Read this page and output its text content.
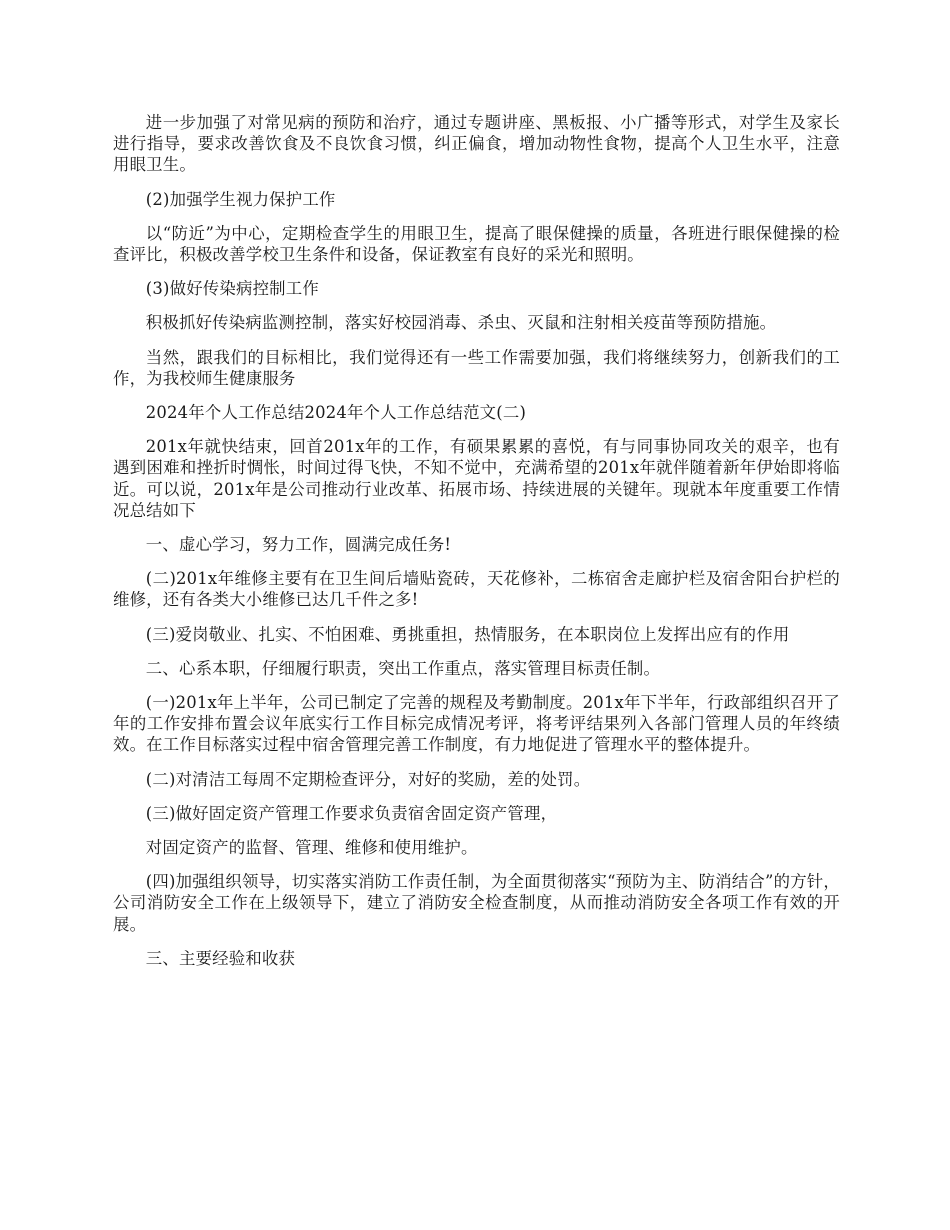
进一步加强了对常见病的预防和治疗，通过专题讲座、黑板报、小广播等形式，对学生及家长进行指导，要求改善饮食及不良饮食习惯，纠正偏食，增加动物性食物，提高个人卫生水平，注意用眼卫生。

(2)加强学生视力保护工作

以“防近”为中心，定期检查学生的用眼卫生，提高了眼保健操的质量，各班进行眼保健操的检查评比，积极改善学校卫生条件和设备，保证教室有良好的采光和照明。

(3)做好传染病控制工作

积极抓好传染病监测控制，落实好校园消毒、杀虫、灭鼠和注射相关疫苗等预防措施。

当然，跟我们的目标相比，我们觉得还有一些工作需要加强，我们将继续努力，创新我们的工作，为我校师生健康服务

2024年个人工作总结2024年个人工作总结范文(二)

201x年就快结束，回首201x年的工作，有硕果累累的喜悦，有与同事协同攻关的艰辛，也有遇到困难和挫折时惆怅，时间过得飞快，不知不觉中，充满希望的201x年就伴随着新年伊始即将临近。可以说，201x年是公司推动行业改革、拓展市场、持续进展的关键年。现就本年度重要工作情况总结如下

一、虚心学习，努力工作，圆满完成任务!

(二)201x年维修主要有在卫生间后墙贴瓷砖，天花修补，二栋宿舍走廊护栏及宿舍阳台护栏的维修，还有各类大小维修已达几千件之多!

(三)爱岗敬业、扎实、不怕困难、勇挑重担，热情服务，在本职岗位上发挥出应有的作用

二、心系本职，仔细履行职责，突出工作重点，落实管理目标责任制。

(一)201x年上半年，公司已制定了完善的规程及考勤制度。201x年下半年，行政部组织召开了年的工作安排布置会议年底实行工作目标完成情况考评，将考评结果列入各部门管理人员的年终绩效。在工作目标落实过程中宿舍管理完善工作制度，有力地促进了管理水平的整体提升。

(二)对清洁工每周不定期检查评分，对好的奖励，差的处罚。

(三)做好固定资产管理工作要求负责宿舍固定资产管理，

对固定资产的监督、管理、维修和使用维护。

(四)加强组织领导，切实落实消防工作责任制，为全面贯彻落实“预防为主、防消结合”的方针，公司消防安全工作在上级领导下，建立了消防安全检查制度，从而推动消防安全各项工作有效的开展。

三、主要经验和收获
